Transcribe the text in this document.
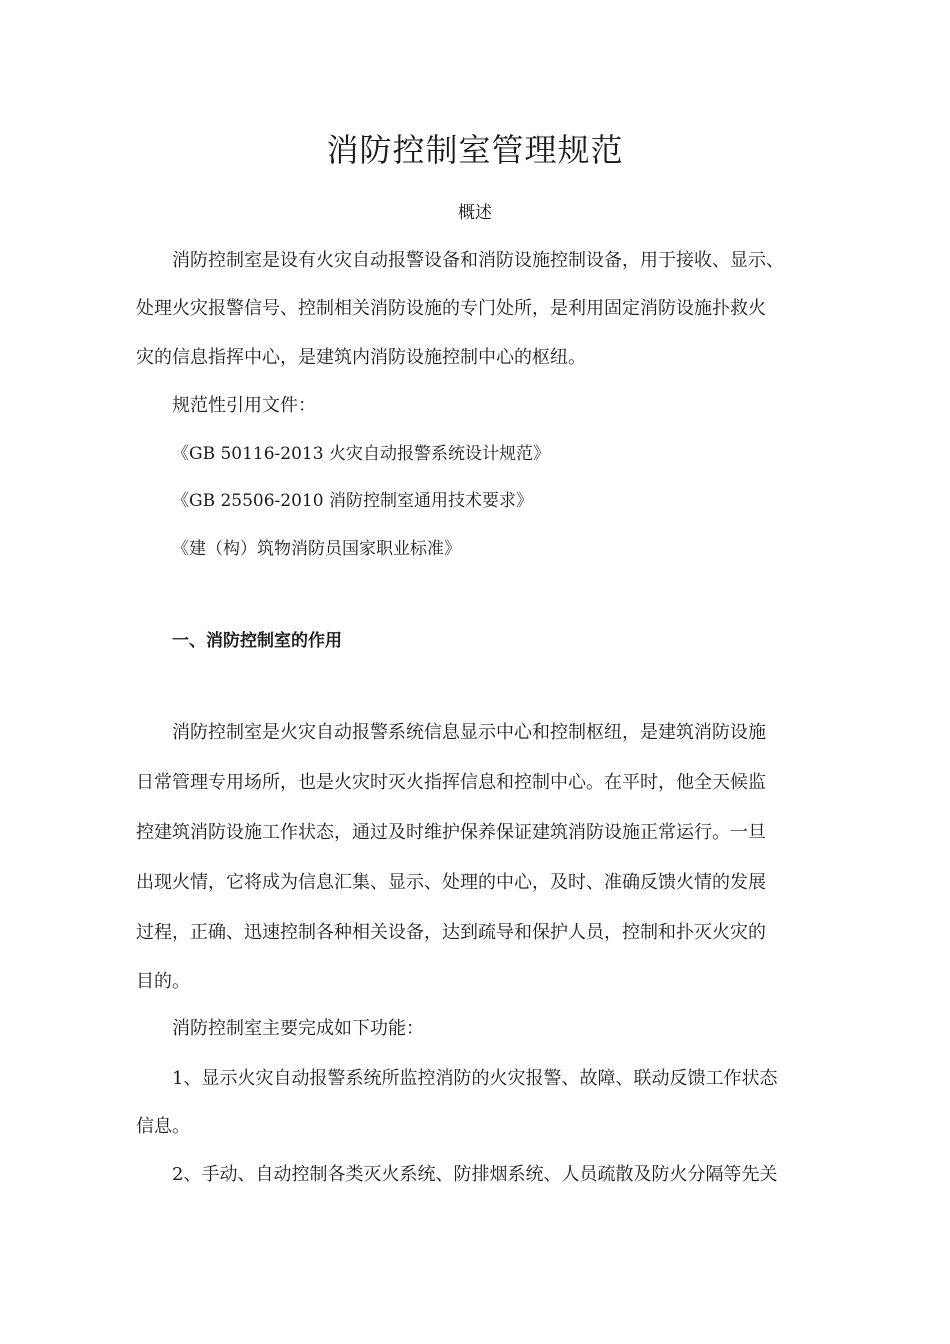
消防控制室管理规范
概述
消防控制室是设有火灾自动报警设备和消防设施控制设备，用于接收、显示、
处理火灾报警信号、控制相关消防设施的专门处所，是利用固定消防设施扑救火
灾的信息指挥中心，是建筑内消防设施控制中心的枢纽。
规范性引用文件：
《GB 50116-2013 火灾自动报警系统设计规范》
《GB 25506-2010 消防控制室通用技术要求》
《建（构）筑物消防员国家职业标准》
一、消防控制室的作用
消防控制室是火灾自动报警系统信息显示中心和控制枢纽，是建筑消防设施
日常管理专用场所，也是火灾时灭火指挥信息和控制中心。在平时，他全天候监
控建筑消防设施工作状态，通过及时维护保养保证建筑消防设施正常运行。一旦
出现火情，它将成为信息汇集、显示、处理的中心，及时、准确反馈火情的发展
过程，正确、迅速控制各种相关设备，达到疏导和保护人员，控制和扑灭火灾的
目的。
消防控制室主要完成如下功能：
1、显示火灾自动报警系统所监控消防的火灾报警、故障、联动反馈工作状态
信息。
2、手动、自动控制各类灭火系统、防排烟系统、人员疏散及防火分隔等先关
